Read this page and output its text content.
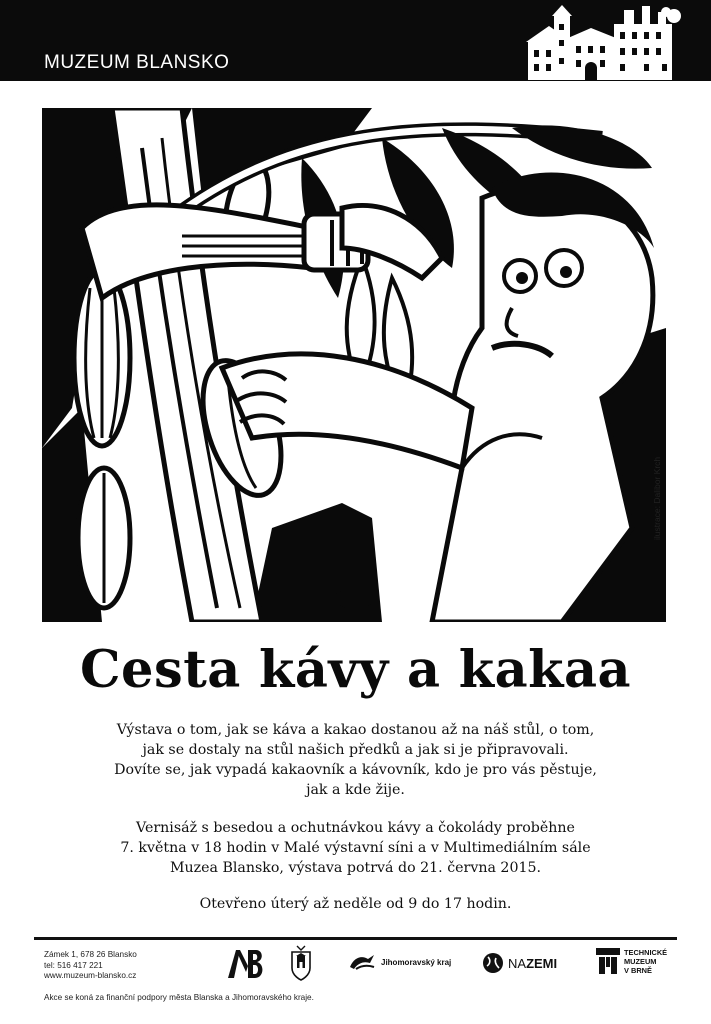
MUZEUM BLANSKO
ilustrace: Dalibor Krch
Cesta kávy a kakaa
Výstava o tom, jak se káva a kakao dostanou až na náš stůl, o tom,
jak se dostaly na stůl našich předků a jak si je připravovali.
Dovíte se, jak vypadá kakaovník a kávovník, kdo je pro vás pěstuje,
jak a kde žije.
Vernisáž s besedou a ochutnávkou kávy a čokolády proběhne
7. května v 18 hodin v Malé výstavní síni a v Multimediálním sále
Muzea Blansko, výstava potrvá do 21. června 2015.
Otevřeno úterý až neděle od 9 do 17 hodin.
Zámek 1, 678 26 Blansko
tel: 516 417 221
www.muzeum-blansko.cz
Akce se koná za finanční podpory města Blanska a Jihomoravského kraje.
Jihomoravský kraj	NAZEMI
TECHNICKÉ
MUZEUM
V BRNĚ
